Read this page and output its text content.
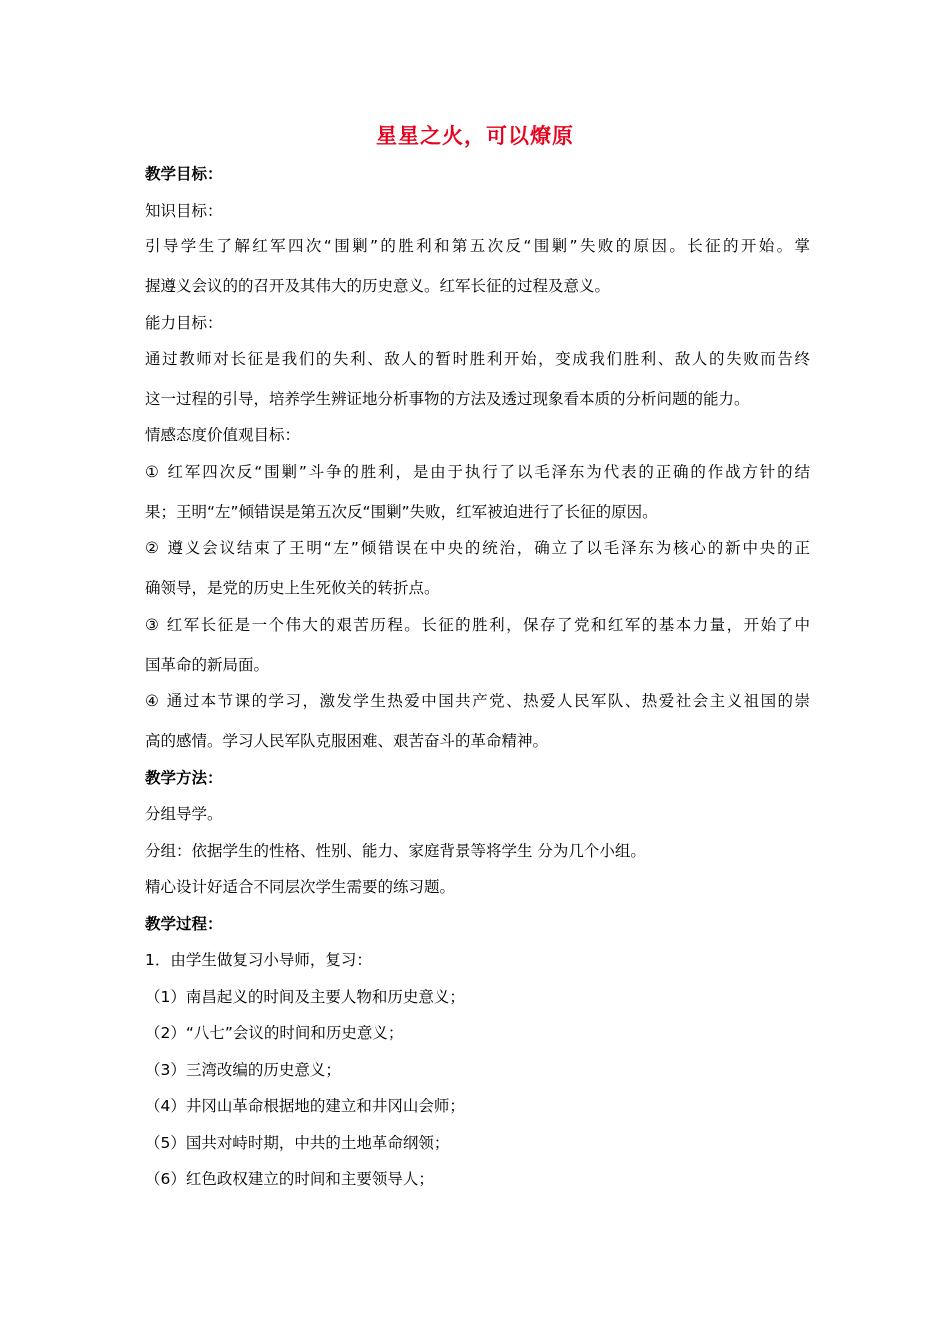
星星之火，可以燎原
教学目标：
知识目标：
引导学生了解红军四次“围剿”的胜利和第五次反“围剿”失败的原因。长征的开始。掌
握遵义会议的的召开及其伟大的历史意义。红军长征的过程及意义。
能力目标：
通过教师对长征是我们的失利、敌人的暂时胜利开始，变成我们胜利、敌人的失败而告终
这一过程的引导，培养学生辨证地分析事物的方法及透过现象看本质的分析问题的能力。
情感态度价值观目标：
① 红军四次反“围剿”斗争的胜利，是由于执行了以毛泽东为代表的正确的作战方针的结
果；王明“左”倾错误是第五次反“围剿”失败，红军被迫进行了长征的原因。
② 遵义会议结束了王明“左”倾错误在中央的统治，确立了以毛泽东为核心的新中央的正
确领导，是党的历史上生死攸关的转折点。
③ 红军长征是一个伟大的艰苦历程。长征的胜利，保存了党和红军的基本力量，开始了中
国革命的新局面。
④ 通过本节课的学习，激发学生热爱中国共产党、热爱人民军队、热爱社会主义祖国的崇
高的感情。学习人民军队克服困难、艰苦奋斗的革命精神。
教学方法：
分组导学。
分组：依据学生的性格、性别、能力、家庭背景等将学生 分为几个小组。
精心设计好适合不同层次学生需要的练习题。
教学过程：
1．由学生做复习小导师，复习：
（1）南昌起义的时间及主要人物和历史意义；
（2）“八七”会议的时间和历史意义；
（3）三湾改编的历史意义；
（4）井冈山革命根据地的建立和井冈山会师；
（5）国共对峙时期，中共的土地革命纲领；
（6）红色政权建立的时间和主要领导人；
